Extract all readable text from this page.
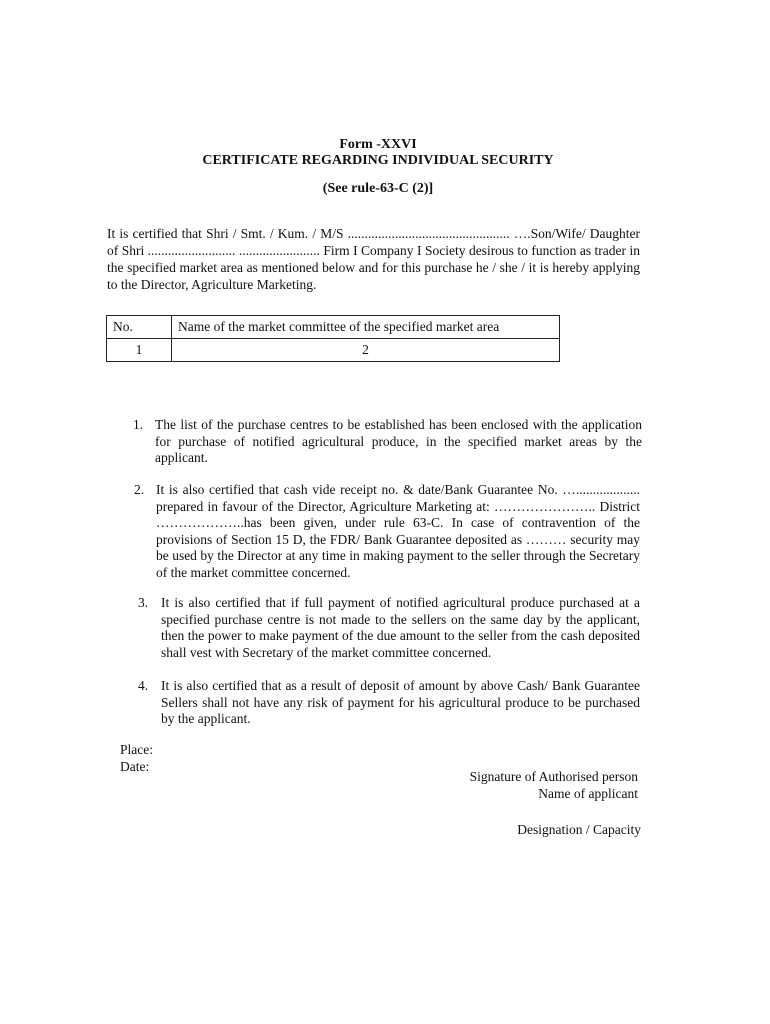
Form -XXVI
CERTIFICATE REGARDING INDIVIDUAL SECURITY
(See rule-63-C (2)]
It is certified that Shri / Smt. / Kum. / M/S ................................................ ….Son/Wife/ Daughter of Shri .......................... ........................ Firm I Company I Society desirous to function as trader in the specified market area as mentioned below and for this purchase he / she / it is hereby applying to the Director, Agriculture Marketing.
No.	Name of the market committee of the specified market area
1	2
1. The list of the purchase centres to be established has been enclosed with the application for purchase of notified agricultural produce, in the specified market areas by the applicant.
2. It is also certified that cash vide receipt no. & date/Bank Guarantee No. …................... prepared in favour of the Director, Agriculture Marketing at: ………………….. District ………………..has been given, under rule 63-C. In case of contravention of the provisions of Section 15 D, the FDR/ Bank Guarantee deposited as ……… security may be used by the Director at any time in making payment to the seller through the Secretary of the market committee concerned.
3. It is also certified that if full payment of notified agricultural produce purchased at a specified purchase centre is not made to the sellers on the same day by the applicant, then the power to make payment of the due amount to the seller from the cash deposited shall vest with Secretary of the market committee concerned.
4. It is also certified that as a result of deposit of amount by above Cash/ Bank Guarantee Sellers shall not have any risk of payment for his agricultural produce to be purchased by the applicant.
Place:
Date:
Signature of Authorised person
Name of applicant
Designation / Capacity
